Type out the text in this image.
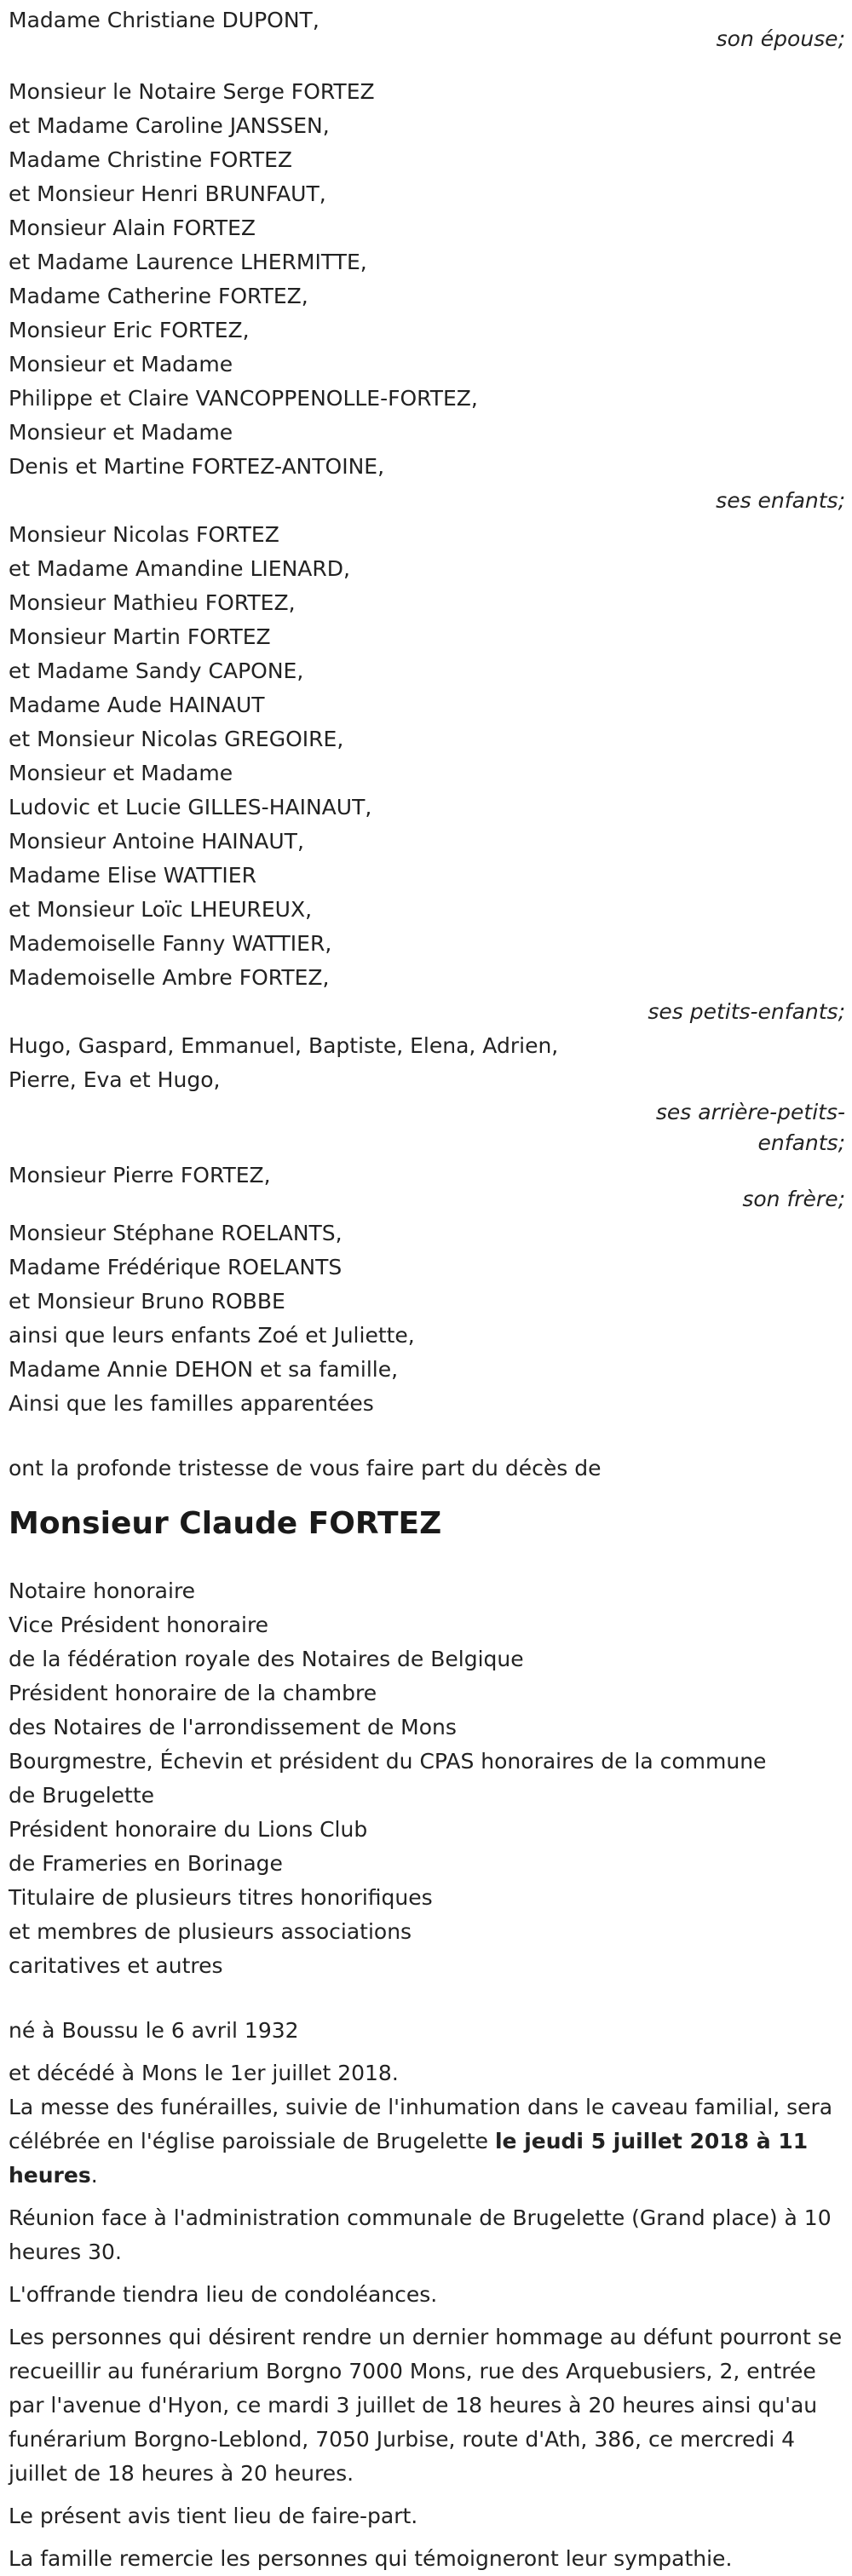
Madame Christiane DUPONT,
son épouse;
Monsieur le Notaire Serge FORTEZ
et Madame Caroline JANSSEN,
Madame Christine FORTEZ
et Monsieur Henri BRUNFAUT,
Monsieur Alain FORTEZ
et Madame Laurence LHERMITTE,
Madame Catherine FORTEZ,
Monsieur Eric FORTEZ,
Monsieur et Madame
Philippe et Claire VANCOPPENOLLE-FORTEZ,
Monsieur et Madame
Denis et Martine FORTEZ-ANTOINE,
ses enfants;
Monsieur Nicolas FORTEZ
et Madame Amandine LIENARD,
Monsieur Mathieu FORTEZ,
Monsieur Martin FORTEZ
et Madame Sandy CAPONE,
Madame Aude HAINAUT
et Monsieur Nicolas GREGOIRE,
Monsieur et Madame
Ludovic et Lucie GILLES-HAINAUT,
Monsieur Antoine HAINAUT,
Madame Elise WATTIER
et Monsieur Loïc LHEUREUX,
Mademoiselle Fanny WATTIER,
Mademoiselle Ambre FORTEZ,
ses petits-enfants;
Hugo, Gaspard, Emmanuel, Baptiste, Elena, Adrien,
Pierre, Eva et Hugo,
ses arrière-petits-
enfants;
Monsieur Pierre FORTEZ,
son frère;
Monsieur Stéphane ROELANTS,
Madame Frédérique ROELANTS
et Monsieur Bruno ROBBE
ainsi que leurs enfants Zoé et Juliette,
Madame Annie DEHON et sa famille,
Ainsi que les familles apparentées
ont la profonde tristesse de vous faire part du décès de
Monsieur Claude FORTEZ
Notaire honoraire
Vice Président honoraire
de la fédération royale des Notaires de Belgique
Président honoraire de la chambre
des Notaires de l'arrondissement de Mons
Bourgmestre, Échevin et président du CPAS honoraires de la commune
de Brugelette
Président honoraire du Lions Club
de Frameries en Borinage
Titulaire de plusieurs titres honorifiques
et membres de plusieurs associations
caritatives et autres
né à Boussu le 6 avril 1932
et décédé à Mons le 1er juillet 2018.
La messe des funérailles, suivie de l'inhumation dans le caveau familial, sera célébrée en l'église paroissiale de Brugelette le jeudi 5 juillet 2018 à 11 heures.
Réunion face à l'administration communale de Brugelette (Grand place) à 10 heures 30.
L'offrande tiendra lieu de condoléances.
Les personnes qui désirent rendre un dernier hommage au défunt pourront se recueillir au funérarium Borgno 7000 Mons, rue des Arquebusiers, 2, entrée par l'avenue d'Hyon, ce mardi 3 juillet de 18 heures à 20 heures ainsi qu'au funérarium Borgno-Leblond, 7050 Jurbise, route d'Ath, 386, ce mercredi 4 juillet de 18 heures à 20 heures.
Le présent avis tient lieu de faire-part.
La famille remercie les personnes qui témoigneront leur sympathie.
